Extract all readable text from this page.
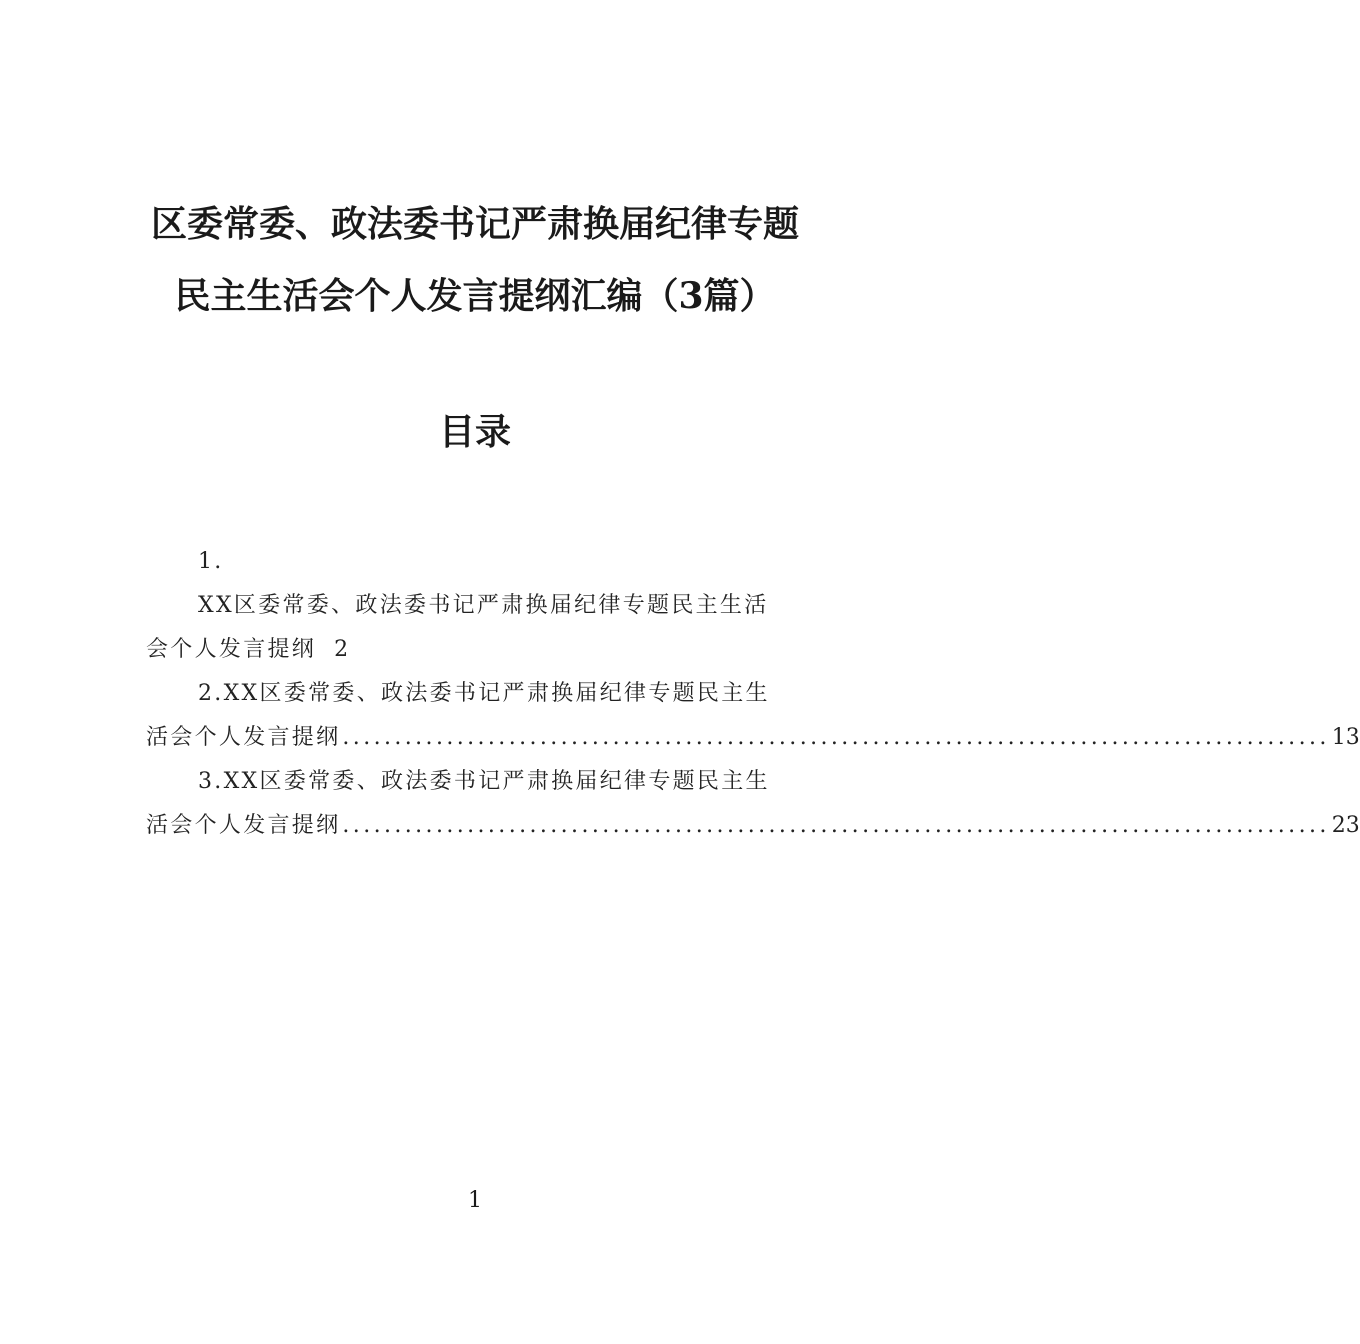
区委常委、政法委书记严肃换届纪律专题
民主生活会个人发言提纲汇编（3篇）
目录
1.
XX区委常委、政法委书记严肃换届纪律专题民主生活
会个人发言提纲 2
2.XX区委常委、政法委书记严肃换届纪律专题民主生
活会个人发言提纲 ............................................................................................... 13
3.XX区委常委、政法委书记严肃换届纪律专题民主生
活会个人发言提纲 ............................................................................................... 23
1
